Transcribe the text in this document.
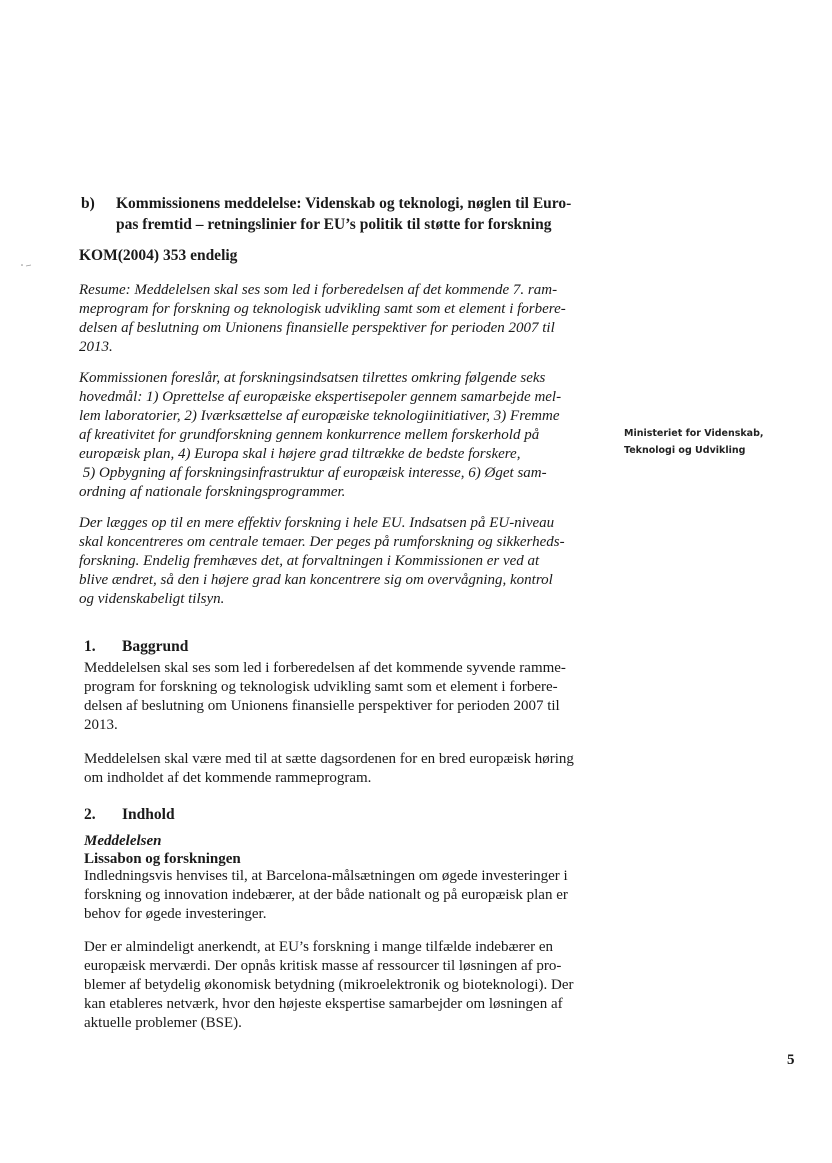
b) Kommissionens meddelelse: Videnskab og teknologi, nøglen til Euro-
pas fremtid – retningslinier for EU’s politik til støtte for forskning
KOM(2004) 353 endelig
Resume: Meddelelsen skal ses som led i forberedelsen af det kommende 7. ram-
meprogram for forskning og teknologisk udvikling samt som et element i forbere-
delsen af beslutning om Unionens finansielle perspektiver for perioden 2007 til
2013.
Kommissionen foreslår, at forskningsindsatsen tilrettes omkring følgende seks
hovedmål: 1) Oprettelse af europæiske ekspertisepoler gennem samarbejde mel-
lem laboratorier, 2) Iværksættelse af europæiske teknologiinitiativer, 3) Fremme
af kreativitet for grundforskning gennem konkurrence mellem forskerhold på
europæisk plan, 4) Europa skal i højere grad tiltrække de bedste forskere,
5) Opbygning af forskningsinfrastruktur af europæisk interesse, 6) Øget sam-
ordning af nationale forskningsprogrammer.
Der lægges op til en mere effektiv forskning i hele EU. Indsatsen på EU-niveau
skal koncentreres om centrale temaer. Der peges på rumforskning og sikkerheds-
forskning. Endelig fremhæves det, at forvaltningen i Kommissionen er ved at
blive ændret, så den i højere grad kan koncentrere sig om overvågning, kontrol
og videnskabeligt tilsyn.
Ministeriet for Videnskab,
Teknologi og Udvikling
1. Baggrund
Meddelelsen skal ses som led i forberedelsen af det kommende syvende ramme-
program for forskning og teknologisk udvikling samt som et element i forbere-
delsen af beslutning om Unionens finansielle perspektiver for perioden 2007 til
2013.
Meddelelsen skal være med til at sætte dagsordenen for en bred europæisk høring
om indholdet af det kommende rammeprogram.
2. Indhold
Meddelelsen
Lissabon og forskningen
Indledningsvis henvises til, at Barcelona-målsætningen om øgede investeringer i
forskning og innovation indebærer, at der både nationalt og på europæisk plan er
behov for øgede investeringer.
Der er almindeligt anerkendt, at EU’s forskning i mange tilfælde indebærer en
europæisk merværdi. Der opnås kritisk masse af ressourcer til løsningen af pro-
blemer af betydelig økonomisk betydning (mikroelektronik og bioteknologi). Der
kan etableres netværk, hvor den højeste ekspertise samarbejder om løsningen af
aktuelle problemer (BSE).
5
